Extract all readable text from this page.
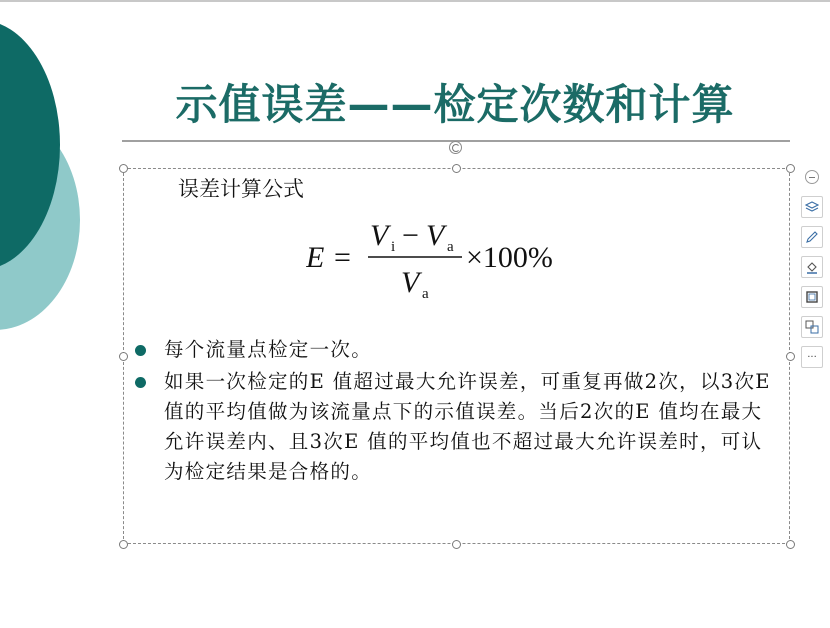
示值误差——检定次数和计算
误差计算公式
E =
V i − V a
V a
×100%
每个流量点检定一次。
如果一次检定的E 值超过最大允许误差，可重复再做2次，以3次E 值的平均值做为该流量点下的示值误差。当后2次的E 值均在最大允许误差内、且3次E 值的平均值也不超过最大允许误差时，可认为检定结果是合格的。
···
